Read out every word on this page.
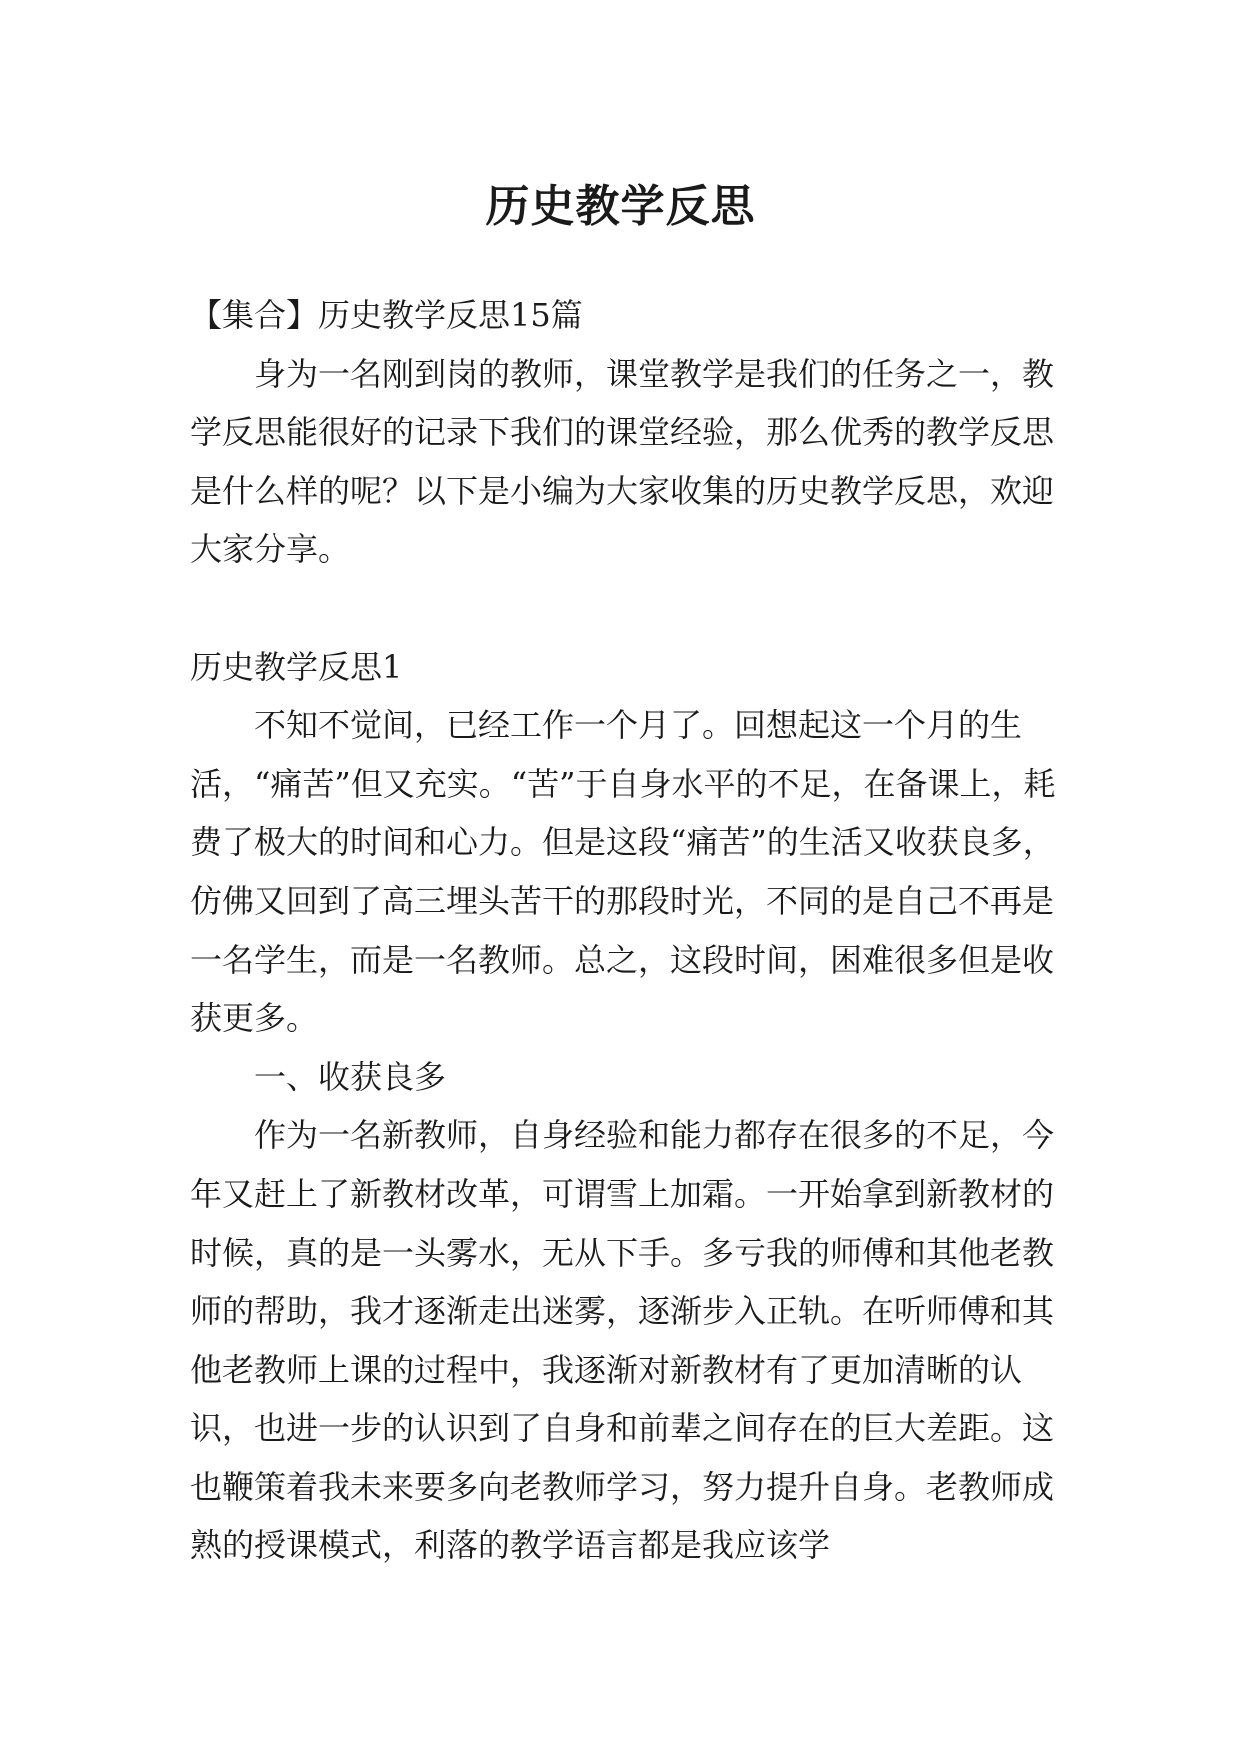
历史教学反思

【集合】历史教学反思15篇

身为一名刚到岗的教师，课堂教学是我们的任务之一，教学反思能很好的记录下我们的课堂经验，那么优秀的教学反思是什么样的呢？以下是小编为大家收集的历史教学反思，欢迎大家分享。

历史教学反思1

不知不觉间，已经工作一个月了。回想起这一个月的生活，“痛苦”但又充实。“苦”于自身水平的不足，在备课上，耗费了极大的时间和心力。但是这段“痛苦”的生活又收获良多，仿佛又回到了高三埋头苦干的那段时光，不同的是自己不再是一名学生，而是一名教师。总之，这段时间，困难很多但是收获更多。

一、收获良多

作为一名新教师，自身经验和能力都存在很多的不足，今年又赶上了新教材改革，可谓雪上加霜。一开始拿到新教材的时候，真的是一头雾水，无从下手。多亏我的师傅和其他老教师的帮助，我才逐渐走出迷雾，逐渐步入正轨。在听师傅和其他老教师上课的过程中，我逐渐对新教材有了更加清晰的认识，也进一步的认识到了自身和前辈之间存在的巨大差距。这也鞭策着我未来要多向老教师学习，努力提升自身。老教师成熟的授课模式，利落的教学语言都是我应该学
